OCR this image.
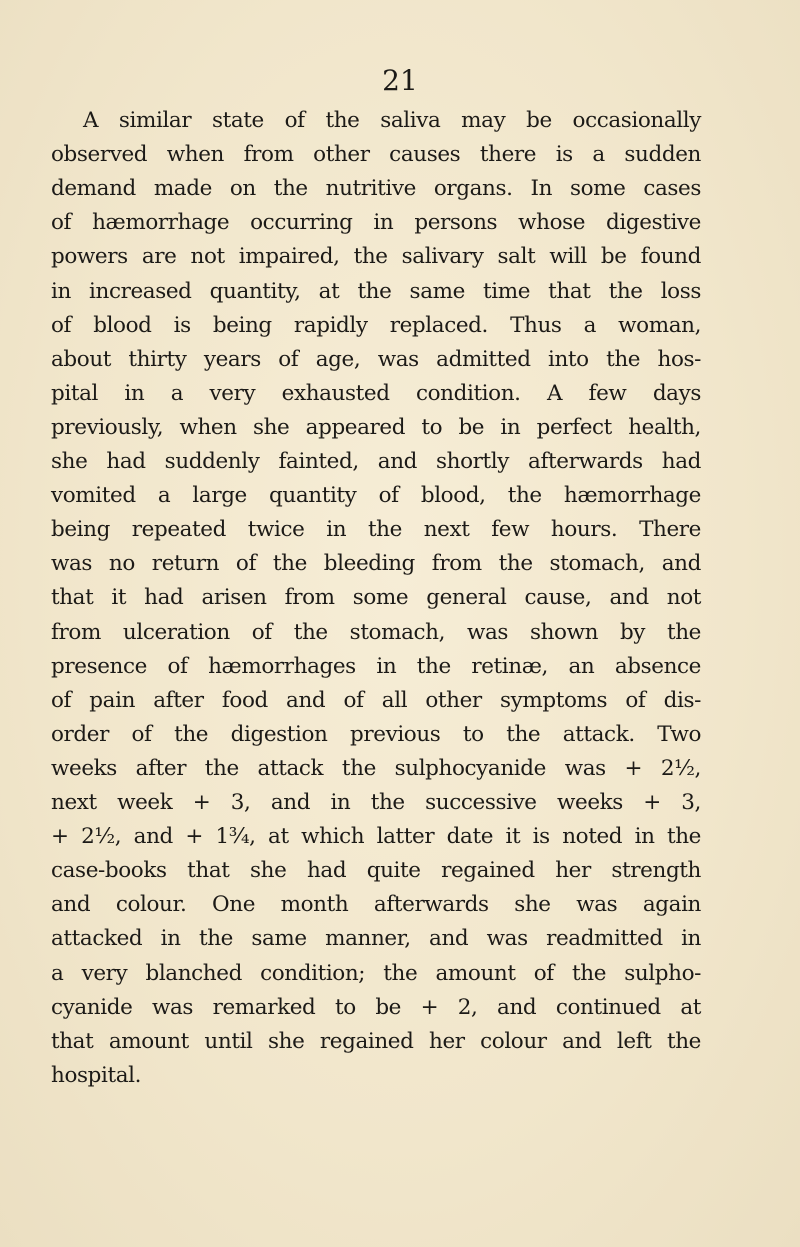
21
A similar state of the saliva may be occasionally
observed when from other causes there is a sudden
demand made on the nutritive organs. In some cases
of hæmorrhage occurring in persons whose digestive
powers are not impaired, the salivary salt will be found
in increased quantity, at the same time that the loss
of blood is being rapidly replaced. Thus a woman,
about thirty years of age, was admitted into the hos-
pital in a very exhausted condition. A few days
previously, when she appeared to be in perfect health,
she had suddenly fainted, and shortly afterwards had
vomited a large quantity of blood, the hæmorrhage
being repeated twice in the next few hours. There
was no return of the bleeding from the stomach, and
that it had arisen from some general cause, and not
from ulceration of the stomach, was shown by the
presence of hæmorrhages in the retinæ, an absence
of pain after food and of all other symptoms of dis-
order of the digestion previous to the attack. Two
weeks after the attack the sulphocyanide was + 2½,
next week + 3, and in the successive weeks + 3,
+ 2½, and + 1¾, at which latter date it is noted in the
case-books that she had quite regained her strength
and colour. One month afterwards she was again
attacked in the same manner, and was readmitted in
a very blanched condition; the amount of the sulpho-
cyanide was remarked to be + 2, and continued at
that amount until she regained her colour and left the
hospital.
